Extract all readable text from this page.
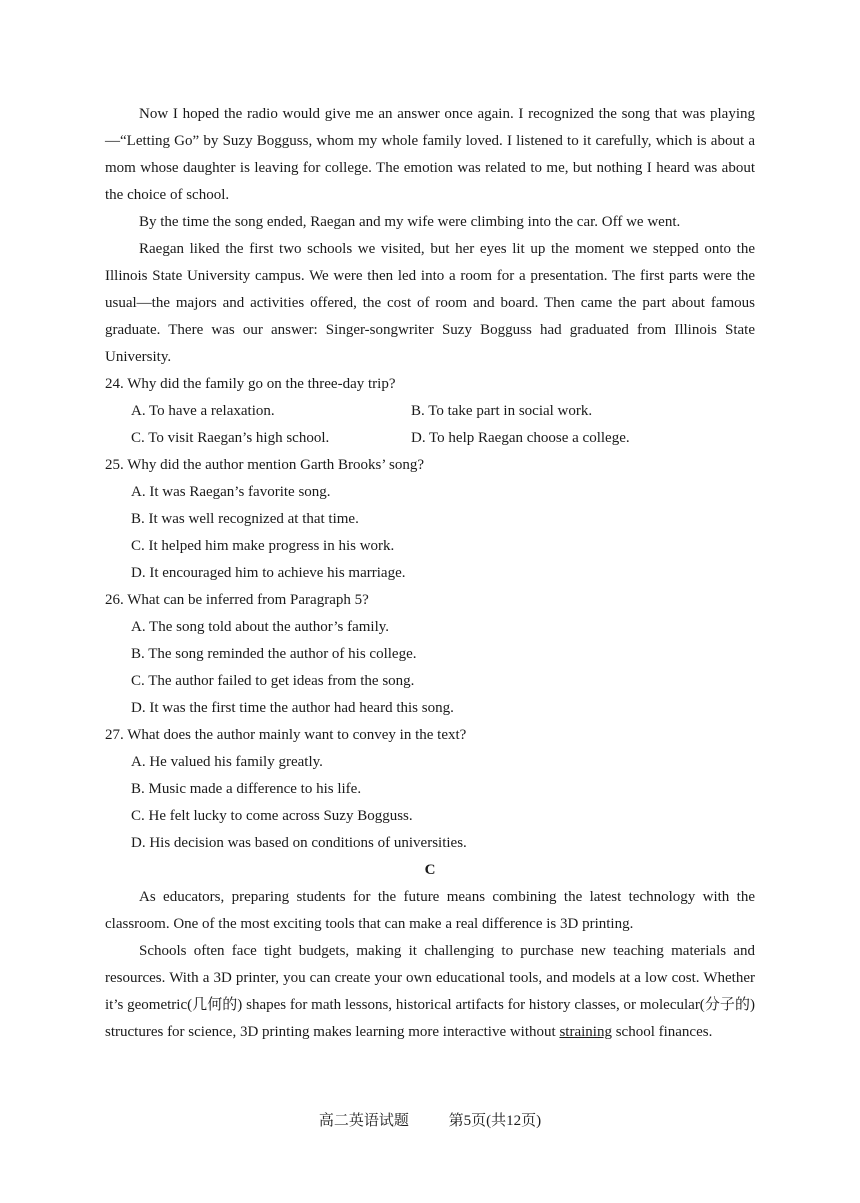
Now I hoped the radio would give me an answer once again. I recognized the song that was playing—“Letting Go” by Suzy Bogguss, whom my whole family loved. I listened to it carefully, which is about a mom whose daughter is leaving for college. The emotion was related to me, but nothing I heard was about the choice of school.

By the time the song ended, Raegan and my wife were climbing into the car. Off we went.

Raegan liked the first two schools we visited, but her eyes lit up the moment we stepped onto the Illinois State University campus. We were then led into a room for a presentation. The first parts were the usual—the majors and activities offered, the cost of room and board. Then came the part about famous graduate. There was our answer: Singer-songwriter Suzy Bogguss had graduated from Illinois State University.

24. Why did the family go on the three-day trip?

A. To have a relaxation.	B. To take part in social work.
C. To visit Raegan’s high school.	D. To help Raegan choose a college.

25. Why did the author mention Garth Brooks’ song?

A. It was Raegan’s favorite song.

B. It was well recognized at that time.

C. It helped him make progress in his work.

D. It encouraged him to achieve his marriage.

26. What can be inferred from Paragraph 5?

A. The song told about the author’s family.

B. The song reminded the author of his college.

C. The author failed to get ideas from the song.

D. It was the first time the author had heard this song.

27. What does the author mainly want to convey in the text?

A. He valued his family greatly.

B. Music made a difference to his life.

C. He felt lucky to come across Suzy Bogguss.

D. His decision was based on conditions of universities.

C

As educators, preparing students for the future means combining the latest technology with the classroom. One of the most exciting tools that can make a real difference is 3D printing.

Schools often face tight budgets, making it challenging to purchase new teaching materials and resources. With a 3D printer, you can create your own educational tools, and models at a low cost. Whether it’s geometric(几何的) shapes for math lessons, historical artifacts for history classes, or molecular(分子的) structures for science, 3D printing makes learning more interactive without straining school finances.

高二英语试题	第5页(共12页)
